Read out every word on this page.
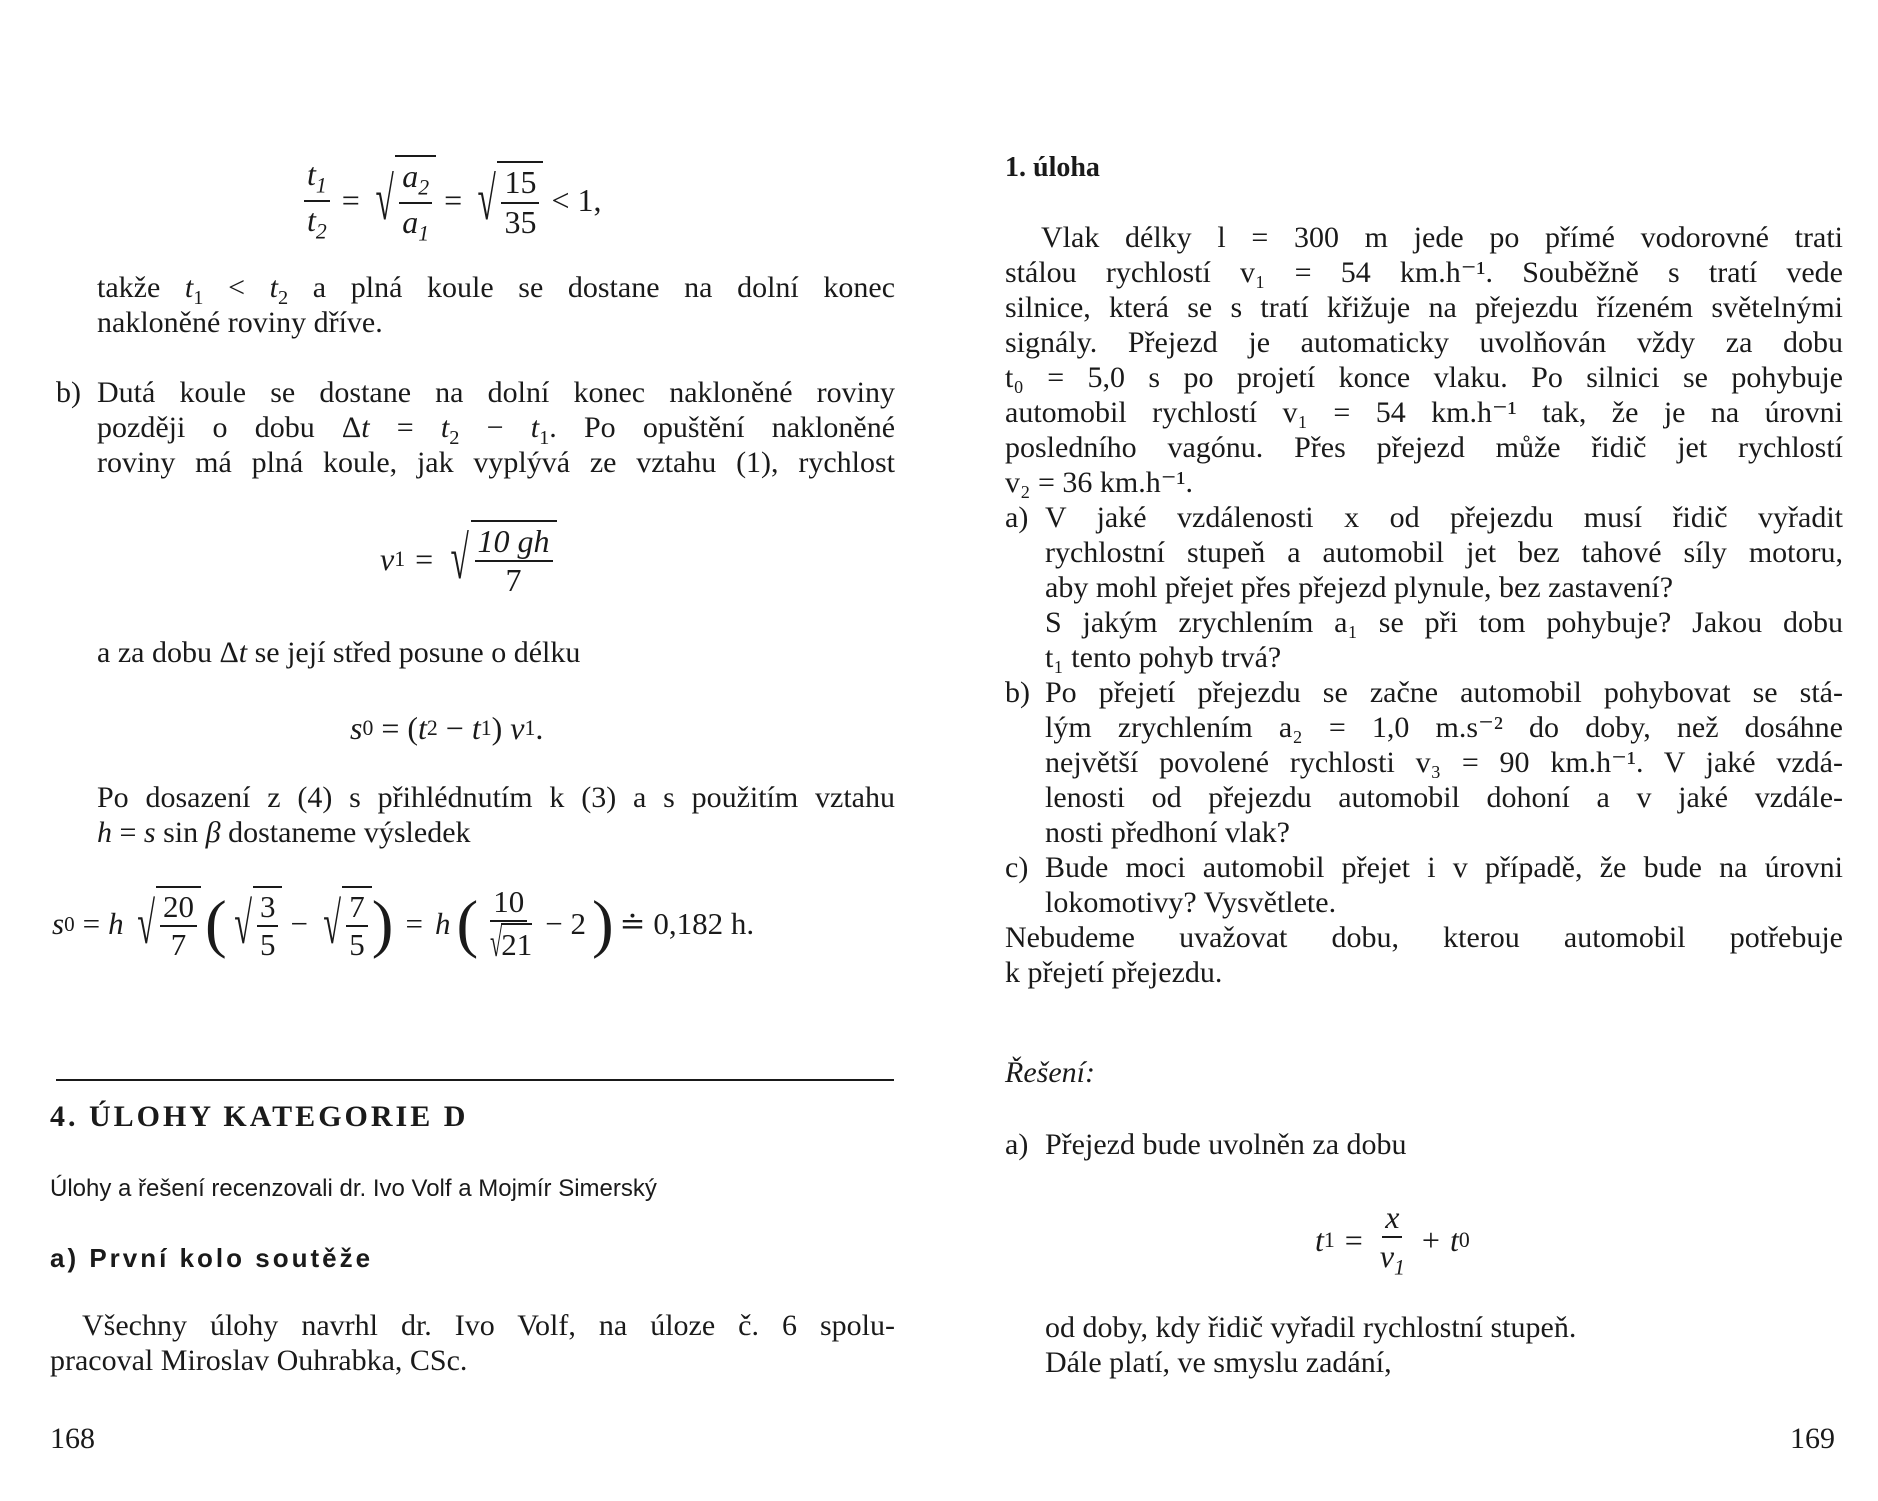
$\frac{t_1}{t_2}$ = √ $\frac{a_2}{a_1}$ = √ $\frac{15}{35} < 1$,
takže $t_1 < t_2$ a plná koule se dostane na dolní konec
nakloněné roviny dříve.
b) Dutá koule se dostane na dolní konec nakloněné roviny
později o dobu $\Delta t = t_2 - t_1$. Po opuštění nakloněné
roviny má plná koule, jak vyplývá ze vztahu (1), rychlost
v 1 = √ $\frac{10 gh}{7}$
a za dobu Δt se její střed posune o délku
s 0 = ( t 2 − t 1 ) v 1 .
Po dosazení z (4) s přihlédnutím k (3) a s použitím vztahu
h = s sin β dostaneme výsledek
s 0 = h √ $\frac{20}{7}$ ( √ $\frac{3}{5}$ − √ $\frac{7}{5}$ ) = h ( 10
√
21 − 2 ) ≐ 0,182 h.
4. ÚLOHY KATEGORIE D
Úlohy a řešení recenzovali dr. Ivo Volf a Mojmír Simerský
a) První kolo soutěže
Všechny úlohy navrhl dr. Ivo Volf, na úloze č. 6 spolu-
pracoval Miroslav Ouhrabka, CSc.
168
1. úloha
Vlak délky l = 300 m jede po přímé vodorovné trati
stálou rychlostí v₁ = 54 km.h⁻¹. Souběžně s tratí vede
silnice, která se s tratí křižuje na přejezdu řízeném světelnými
signály. Přejezd je automaticky uvolňován vždy za dobu
t₀ = 5,0 s po projetí konce vlaku. Po silnici se pohybuje
automobil rychlostí v₁ = 54 km.h⁻¹ tak, že je na úrovni
posledního vagónu. Přes přejezd může řidič jet rychlostí
v₂ = 36 km.h⁻¹.
a) V jaké vzdálenosti x od přejezdu musí řidič vyřadit
rychlostní stupeň a automobil jet bez tahové síly motoru,
aby mohl přejet přes přejezd plynule, bez zastavení?
S jakým zrychlením a₁ se při tom pohybuje? Jakou dobu
t₁ tento pohyb trvá?
b) Po přejetí přejezdu se začne automobil pohybovat se stá-
lým zrychlením a₂ = 1,0 m.s⁻² do doby, než dosáhne
největší povolené rychlosti v₃ = 90 km.h⁻¹. V jaké vzdá-
lenosti od přejezdu automobil dohoní a v jaké vzdále-
nosti předhoní vlak?
c) Bude moci automobil přejet i v případě, že bude na úrovni
lokomotivy? Vysvětlete.
Nebudeme uvažovat dobu, kterou automobil potřebuje
k přejetí přejezdu.
Řešení:
a) Přejezd bude uvolněn za dobu
t $1 = \frac{x}{v_1} + t$ 0
od doby, kdy řidič vyřadil rychlostní stupeň.
Dále platí, ve smyslu zadání,
169
